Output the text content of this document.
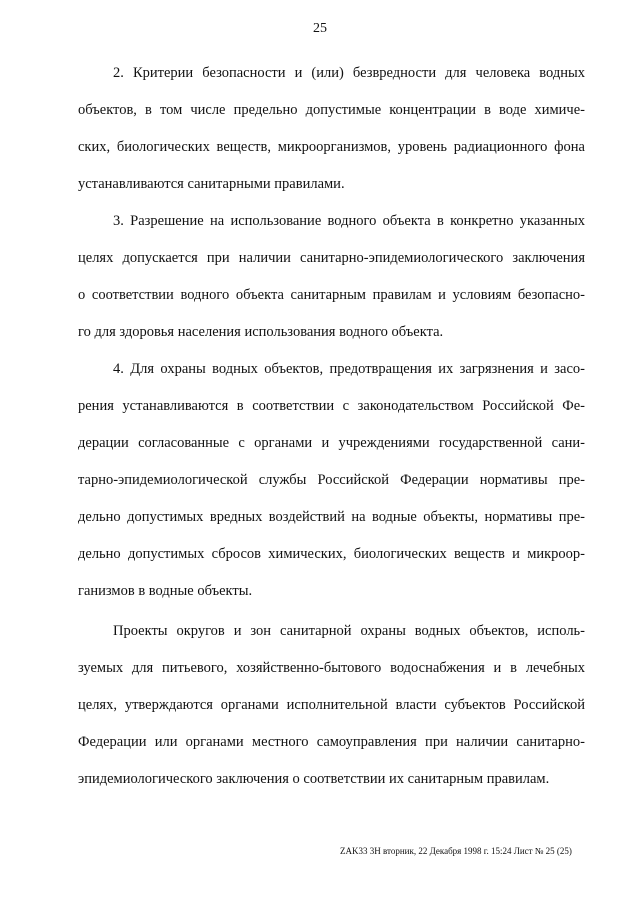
25
2. Критерии безопасности и (или) безвредности для человека водных
объектов, в том числе предельно допустимые концентрации в воде химиче-
ских, биологических веществ, микроорганизмов, уровень радиационного фона
устанавливаются санитарными правилами.
3. Разрешение на использование водного объекта в конкретно указанных
целях допускается при наличии санитарно-эпидемиологического заключения
о соответствии водного объекта санитарным правилам и условиям безопасно-
го для здоровья населения использования водного объекта.
4. Для охраны водных объектов, предотвращения их загрязнения и засо-
рения устанавливаются в соответствии с законодательством Российской Фе-
дерации согласованные с органами и учреждениями государственной сани-
тарно-эпидемиологической службы Российской Федерации нормативы пре-
дельно допустимых вредных воздействий на водные объекты, нормативы пре-
дельно допустимых сбросов химических, биологических веществ и микроор-
ганизмов в водные объекты.
Проекты округов и зон санитарной охраны водных объектов, исполь-
зуемых для питьевого, хозяйственно-бытового водоснабжения и в лечебных
целях, утверждаются органами исполнительной власти субъектов Российской
Федерации или органами местного самоуправления при наличии санитарно-
эпидемиологического заключения о соответствии их санитарным правилам.
ZAK33 3H вторник, 22 Декабря 1998 г. 15:24 Лист № 25 (25)
